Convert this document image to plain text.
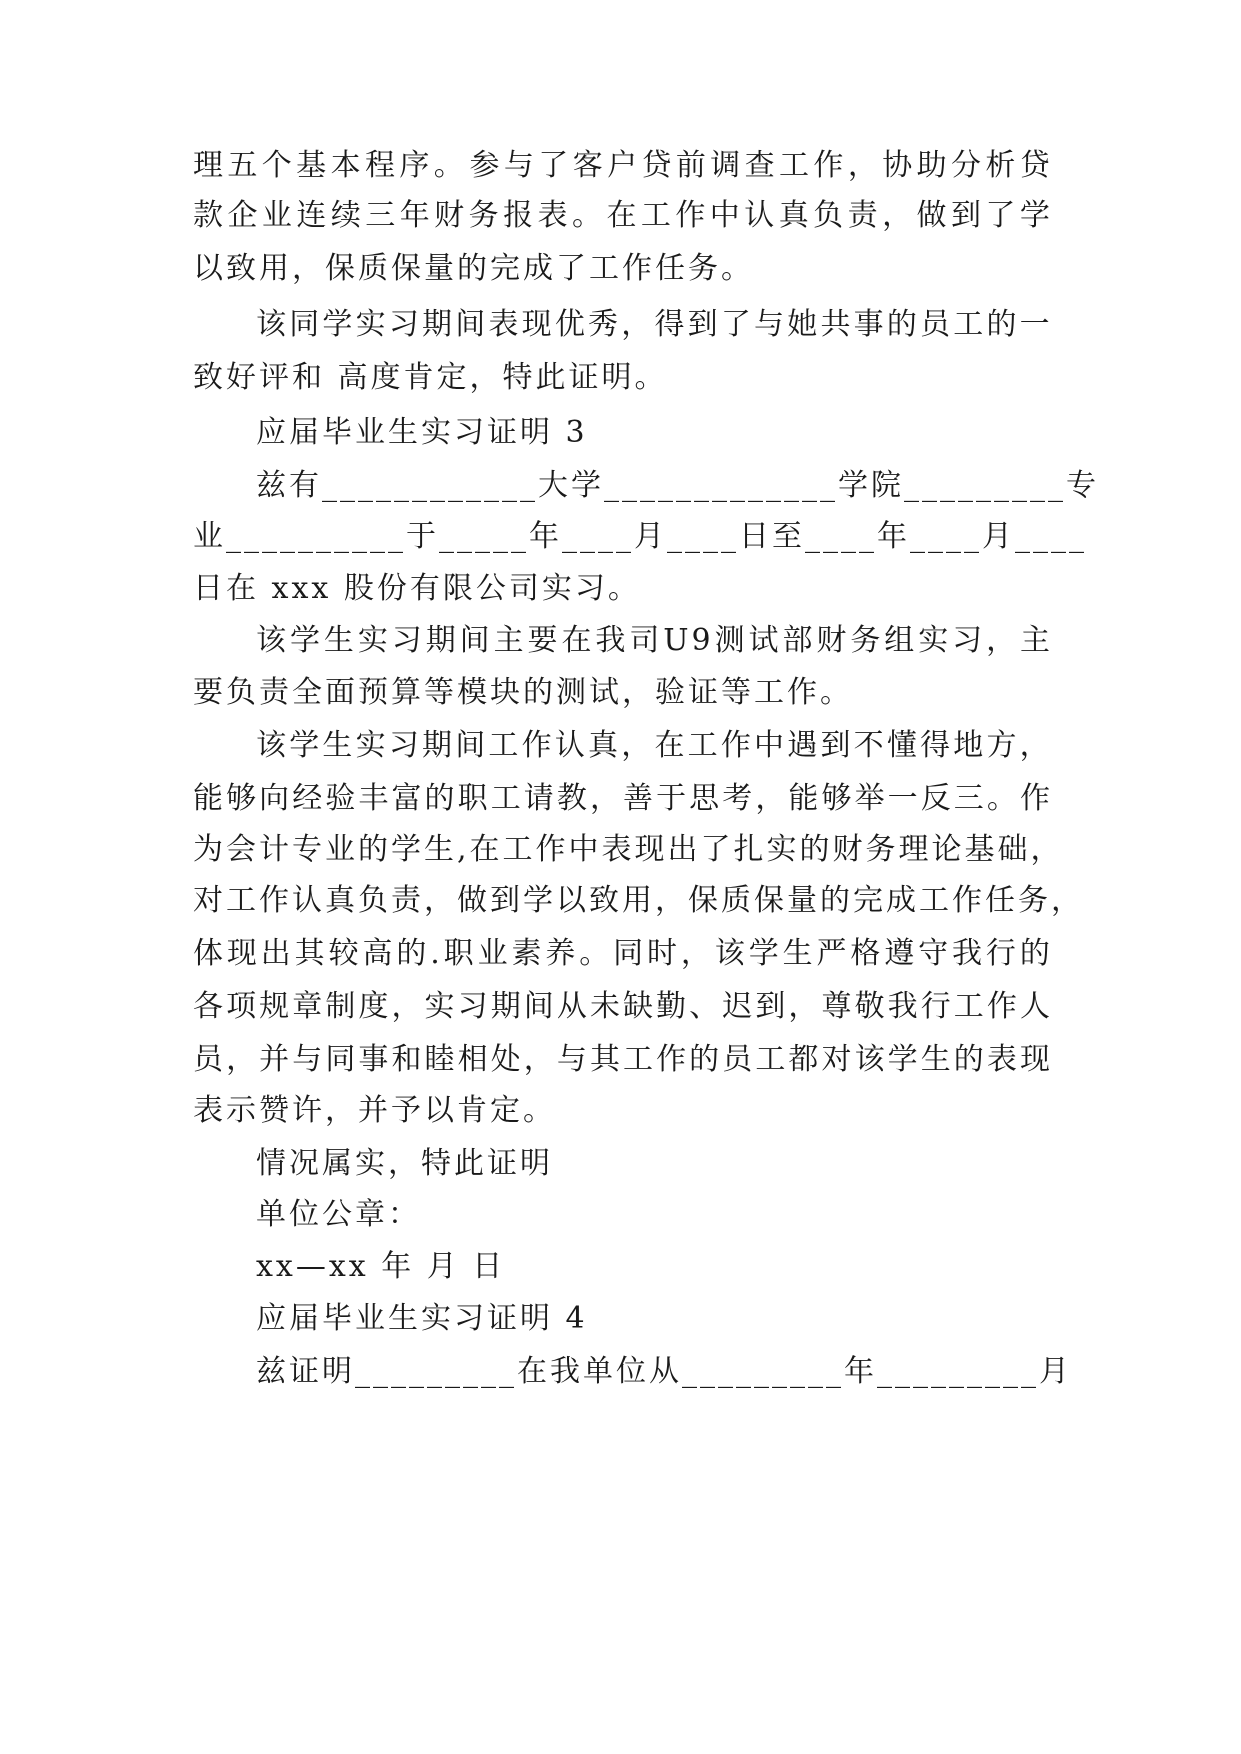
理 五 个 基 本 程 序 。 参 与 了 客 户 贷 前 调 查 工 作 ， 协 助 分 析 贷
款 企 业 连 续 三 年 财 务 报 表 。 在 工 作 中 认 真 负 责 ， 做 到 了 学
以致用，保质保量的完成了工作任务。
该 同 学 实 习 期 间 表 现 优 秀 ， 得 到 了 与 她 共 事 的 员 工 的 一
致好评和 高度肯定，特此证明。
应届毕业生实习证明 3
兹 有 ____________ 大 学 _____________ 学 院 _________ 专
业 __________ 于 _____ 年 ____ 月 ____ 日 至 ____ 年 ____ 月 ____
日在 xxx 股份有限公司实习。
该 学 生 实 习 期 间 主 要 在 我 司 U9 测 试 部 财 务 组 实 习 ， 主
要负责全面预算等模块的测试，验证等工作。
该 学 生 实 习 期 间 工 作 认 真 ， 在 工 作 中 遇 到 不 懂 得 地 方 ，
能 够 向 经 验 丰 富 的 职 工 请 教 ， 善 于 思 考 ， 能 够 举 一 反 三 。 作
为 会 计 专 业 的 学 生 , 在 工 作 中 表 现 出 了 扎 实 的 财 务 理 论 基 础 ，
对 工 作 认 真 负 责 ， 做 到 学 以 致 用 ， 保 质 保 量 的 完 成 工 作 任 务 ，
体 现 出 其 较 高 的 . 职 业 素 养 。 同 时 ， 该 学 生 严 格 遵 守 我 行 的
各 项 规 章 制 度 ， 实 习 期 间 从 未 缺 勤 、 迟 到 ， 尊 敬 我 行 工 作 人
员 ， 并 与 同 事 和 睦 相 处 ， 与 其 工 作 的 员 工 都 对 该 学 生 的 表 现
表示赞许，并予以肯定。
情况属实，特此证明
单位公章：
xx—xx 年 月 日
应届毕业生实习证明 4
兹 证 明 _________ 在 我 单 位 从 _________ 年 _________ 月
